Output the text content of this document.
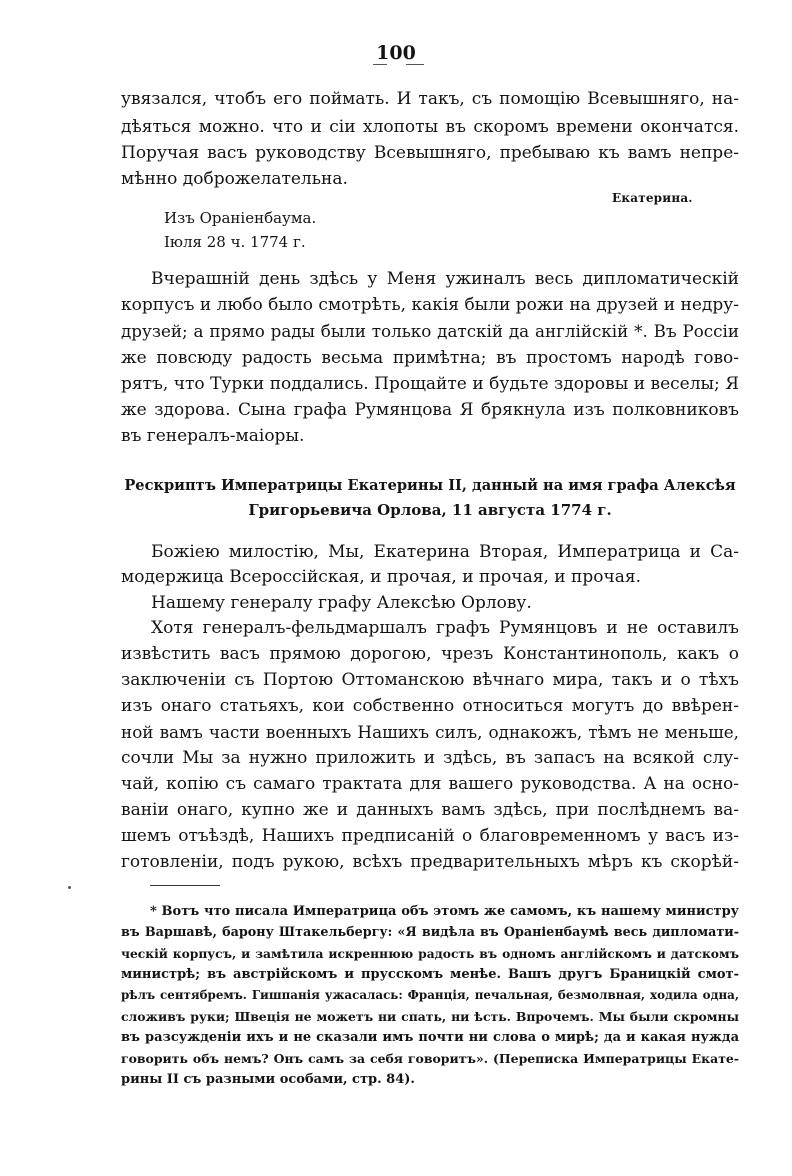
100
увязался, чтобъ его поймать. И такъ, съ помощiю Всевышняго, на-
дѣяться можно. что и сiи хлопоты въ скоромъ времени окончатся.
Поручая васъ руководству Всевышняго, пребываю къ вамъ непре-
мѣнно доброжелательна.
Екатерина.
Изъ Ораніенбаума.
Іюля 28 ч. 1774 г.
Вчерашнiй день здѣсь у Меня ужиналъ весь дипломатическiй
корпусъ и любо было смотрѣть, какiя были рожи на друзей и недру-
друзей; а прямо рады были только датскiй да англiйскiй *. Въ Россiи
же повсюду радость весьма примѣтна; въ простомъ народѣ гово-
рятъ, что Турки поддались. Прощайте и будьте здоровы и веселы; Я
же здорова. Сына графа Румянцова Я брякнула изъ полковниковъ
въ генералъ-маiоры.
Рескриптъ Императрицы Екатерины II, данный на имя графа Алексѣя
Григорьевича Орлова, 11 августа 1774 г.
Божiею милостiю, Мы, Екатерина Вторая, Императрица и Са-
модержица Всероссiйская, и прочая, и прочая, и прочая.
Нашему генералу графу Алексѣю Орлову.
Хотя генералъ-фельдмаршалъ графъ Румянцовъ и не оставилъ
извѣстить васъ прямою дорогою, чрезъ Константинополь, какъ о
заключенiи съ Портою Оттоманскою вѣчнаго мира, такъ и о тѣхъ
изъ онаго статьяхъ, кои собственно относиться могутъ до ввѣрен-
ной вамъ части военныхъ Нашихъ силъ, однакожъ, тѣмъ не меньше,
сочли Мы за нужно приложить и здѣсь, въ запасъ на всякой слу-
чай, копiю съ самаго трактата для вашего руководства. А на осно-
ванiи онаго, купно же и данныхъ вамъ здѣсь, при послѣднемъ ва-
шемъ отъѣздѣ, Нашихъ предписанiй о благовременномъ у васъ из-
готовленiи, подъ рукою, всѣхъ предварительныхъ мѣръ къ скорѣй-
* Вотъ что писала Императрица объ этомъ же самомъ, къ нашему министру
въ Варшавѣ, барону Штакельбергу: «Я видѣла въ Ораніенбаумѣ весь дипломати-
ческiй корпусъ, и замѣтила искреннюю радость въ одномъ англiйскомъ и датскомъ
министрѣ; въ австрiйскомъ и прусскомъ менѣе. Вашъ другъ Браницкiй смот-
рѣлъ сентябремъ. Гишпанiя ужасалась: Францiя, печальная, безмолвная, ходила одна,
сложивъ руки; Швецiя не можетъ ни спать, ни ѣсть. Впрочемъ. Мы были скромны
въ разсужденiи ихъ и не сказали имъ почти ни слова о мирѣ; да и какая нужда
говорить объ немъ? Онъ самъ за себя говоритъ». (Переписка Императрицы Екате-
рины II съ разными особами, стр. 84).
